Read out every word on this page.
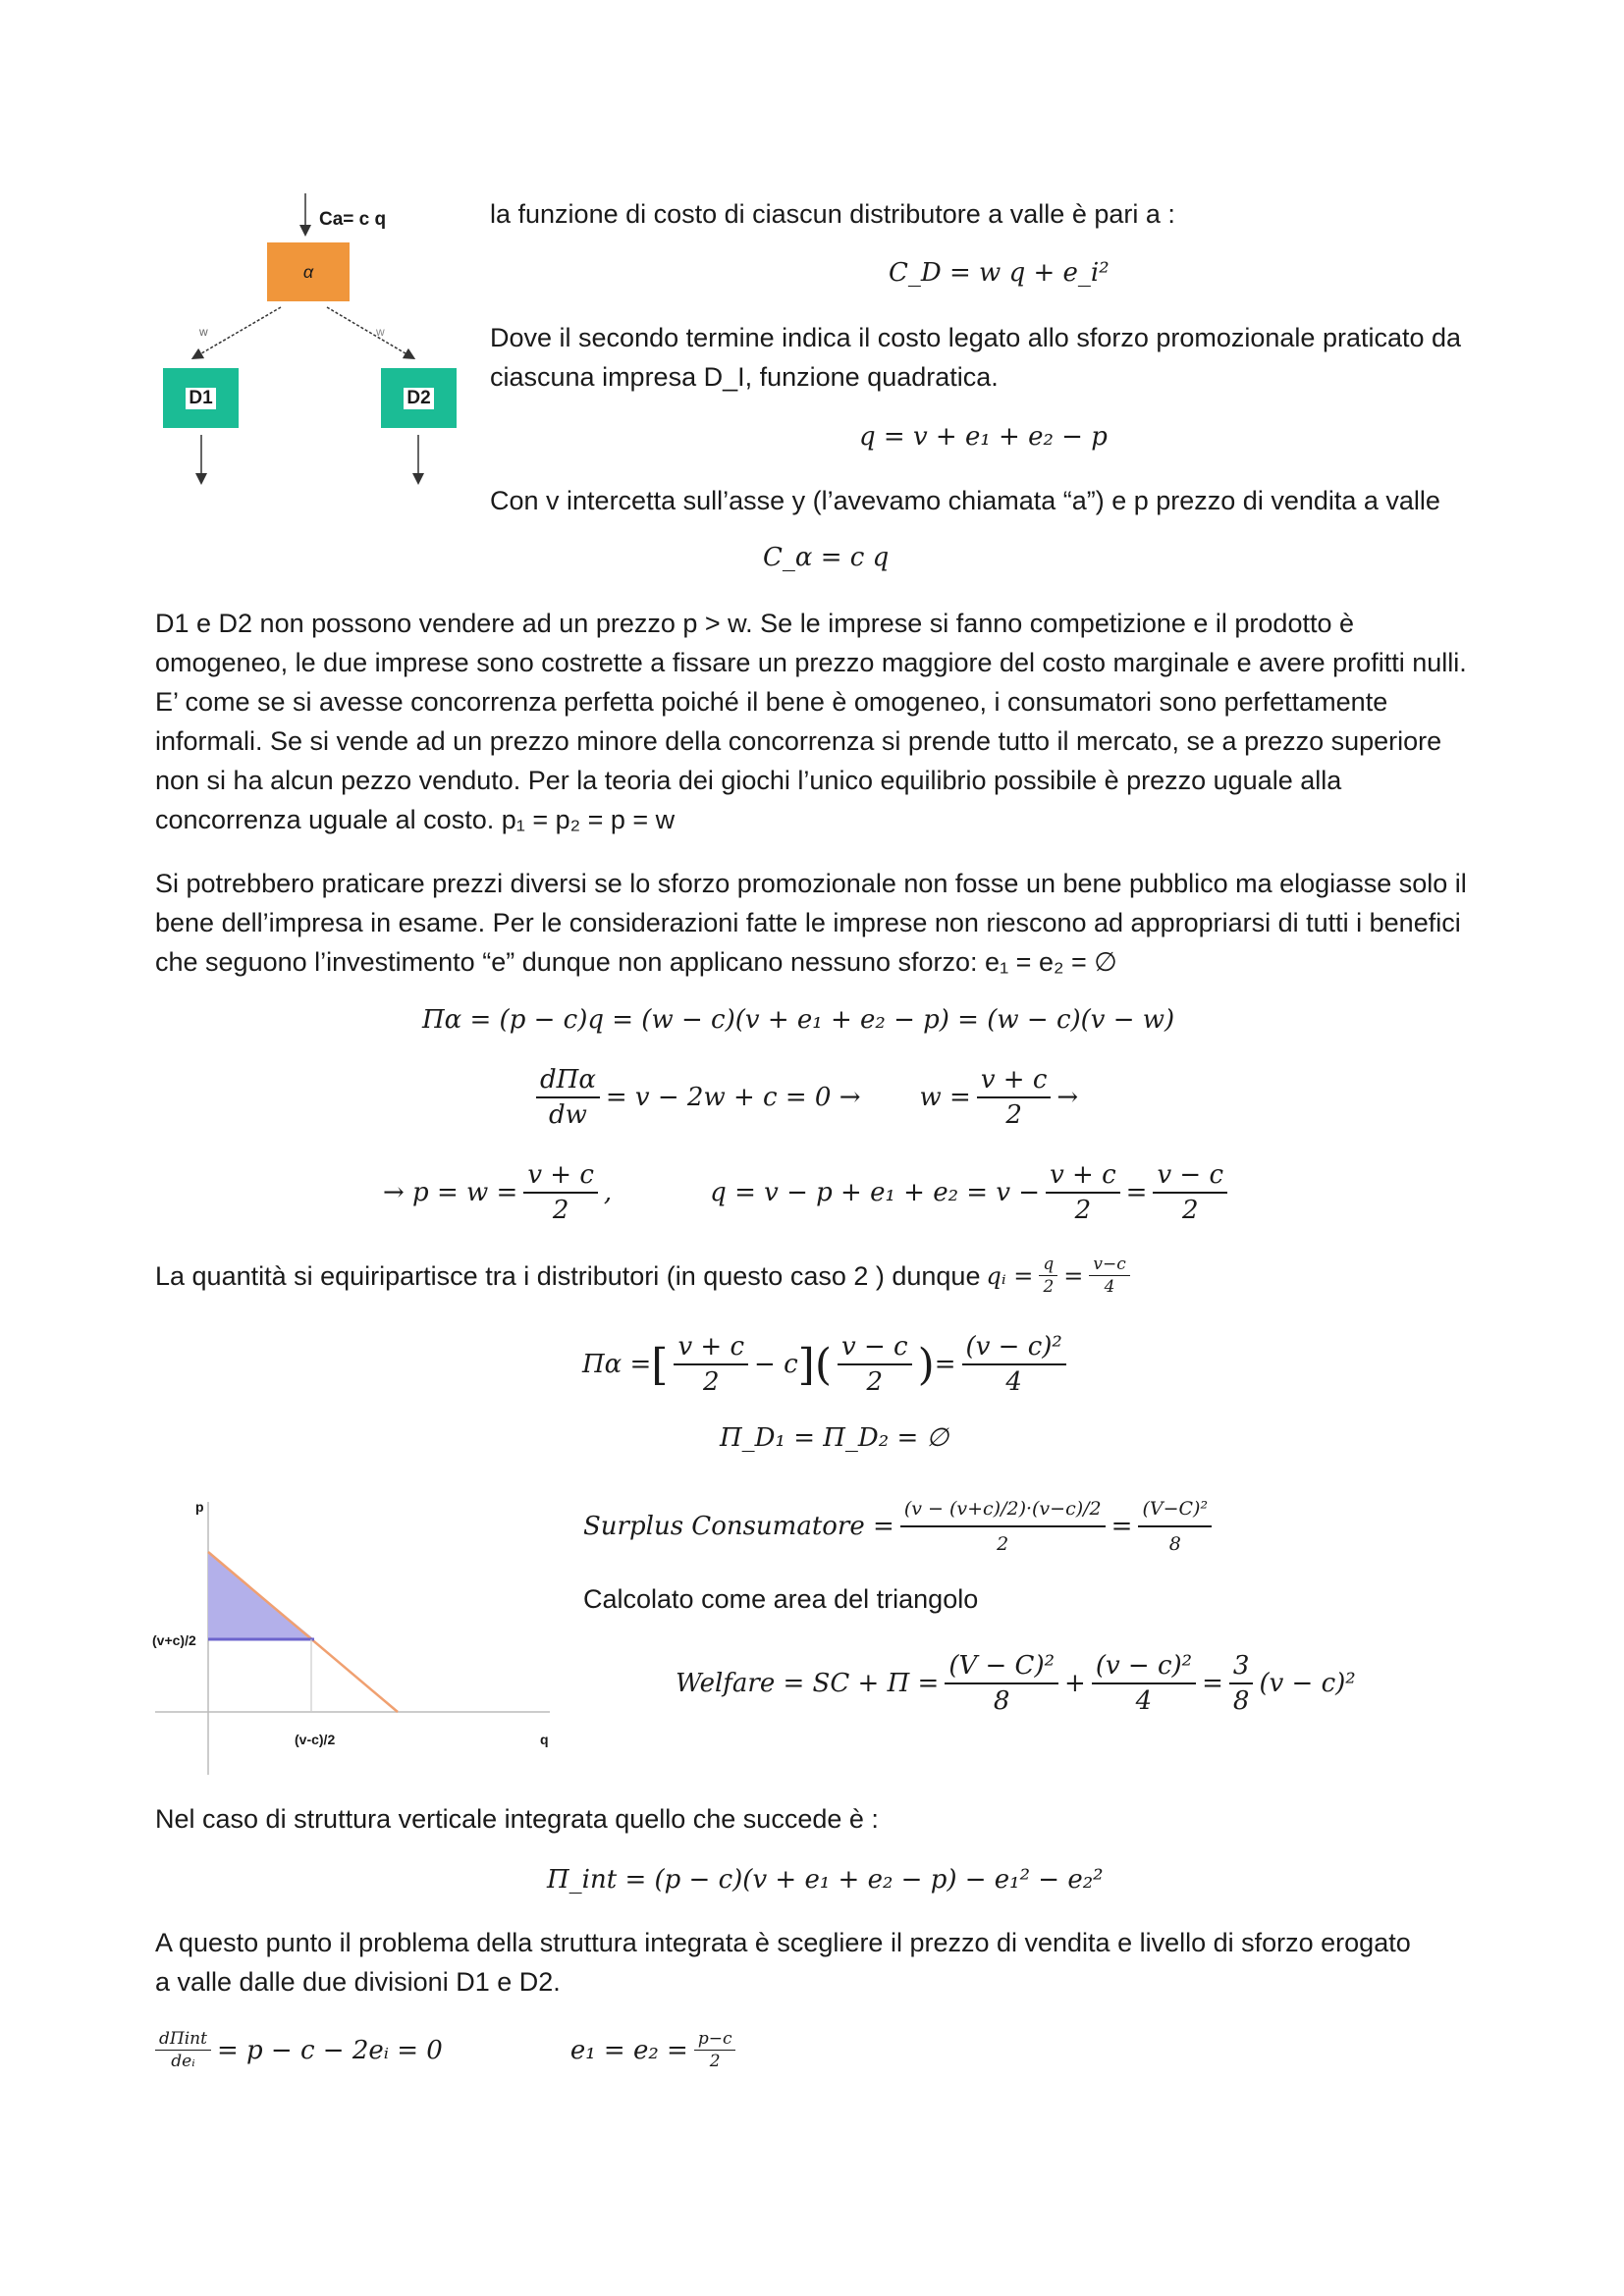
Ca= c q
α
w	w
D1	D2
la funzione di costo di ciascun distributore a valle è pari a :
C_D = w q + e_i²
Dove il secondo termine indica il costo legato allo sforzo promozionale praticato da ciascuna impresa D_I, funzione quadratica.
q = v + e₁ + e₂ − p
Con v intercetta sull’asse y (l’avevamo chiamata “a”) e p prezzo di vendita a valle
C_α = c q
D1 e D2 non possono vendere ad un prezzo p > w. Se le imprese si fanno competizione e il prodotto è omogeneo, le due imprese sono costrette a fissare un prezzo maggiore del costo marginale e avere profitti nulli. E’ come se si avesse concorrenza perfetta poiché il bene è omogeneo, i consumatori sono perfettamente informali. Se si vende ad un prezzo minore della concorrenza si prende tutto il mercato, se a prezzo superiore non si ha alcun pezzo venduto. Per la teoria dei giochi l’unico equilibrio possibile è prezzo uguale alla concorrenza uguale al costo. p₁ = p₂ = p = w
Si potrebbero praticare prezzi diversi se lo sforzo promozionale non fosse un bene pubblico ma elogiasse solo il bene dell’impresa in esame. Per le considerazioni fatte le imprese non riescono ad appropriarsi di tutti i benefici che seguono l’investimento “e” dunque non applicano nessuno sforzo: e₁ = e₂ = ∅
Πα = (p − c)q = (w − c)(v + e₁ + e₂ − p) = (w − c)(v − w)
$\frac{\text{dΠα}}{dw} = v - 2w + c = 0 \to w = \frac{v + c}{2}$ →
→ $p = w = \frac{v + c}{2}$ ,	$q = v - p + e_1 + e_2 = v - \frac{v + c}{2} = \frac{v - c}{2}$
La quantità si equiripartisce tra i distributori (in questo caso 2 ) dunque qᵢ = $\frac{q}{2} = \frac{v-c}{4}$
Πα = [ $\frac{v + c}{2} - c$ ] ( $\frac{v - c}{2}$ ) = $\frac{\text{(v − c)²}}{4}$
Π_D₁ = Π_D₂ = ∅
p
(v+c)/2
(v-c)/2	q
Surplus Consumatore = $\frac{(v - (v+c)/2)\cdot(v-c)/2}{2} = \frac{\text{(V−C)²}}{8}$
Calcolato come area del triangolo
Welfare = SC + $\Pi = \frac{\text{(V − C)²}}{8} + \frac{\text{(v − c)²}}{4} = \frac{3}{8} (v - c)^2$
Nel caso di struttura verticale integrata quello che succede è :
Π_int = (p − c)(v + e₁ + e₂ − p) − e₁² − e₂²
A questo punto il problema della struttura integrata è scegliere il prezzo di vendita e livello di sforzo erogato a valle dalle due divisioni D1 e D2.
$\frac{\text{dΠint}}{\text{deᵢ}} = p - c$ − 2eᵢ = 0	$e_1 = e_2 = \frac{p-c}{2}$
